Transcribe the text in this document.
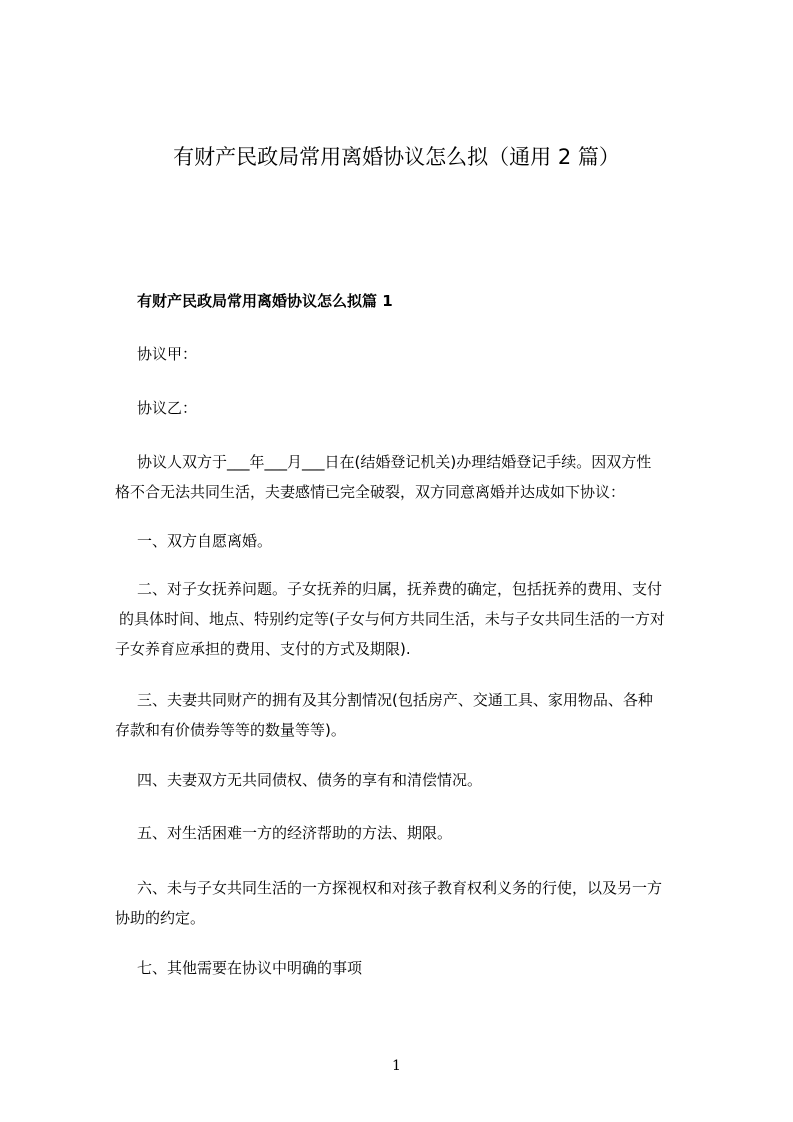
有财产民政局常用离婚协议怎么拟（通用 2 篇）
有财产民政局常用离婚协议怎么拟篇 1

协议甲：

协议乙：

协议人双方于___年___月___日在(结婚登记机关)办理结婚登记手续。因双方性
格不合无法共同生活，夫妻感情已完全破裂，双方同意离婚并达成如下协议：

一、双方自愿离婚。

二、对子女抚养问题。子女抚养的归属，抚养费的确定，包括抚养的费用、支付
的具体时间、地点、特别约定等(子女与何方共同生活，未与子女共同生活的一方对
子女养育应承担的费用、支付的方式及期限).

三、夫妻共同财产的拥有及其分割情况(包括房产、交通工具、家用物品、各种
存款和有价债券等等的数量等等)。

四、夫妻双方无共同债权、债务的享有和清偿情况。

五、对生活困难一方的经济帮助的方法、期限。

六、未与子女共同生活的一方探视权和对孩子教育权利义务的行使，以及另一方
协助的约定。

七、其他需要在协议中明确的事项

1
